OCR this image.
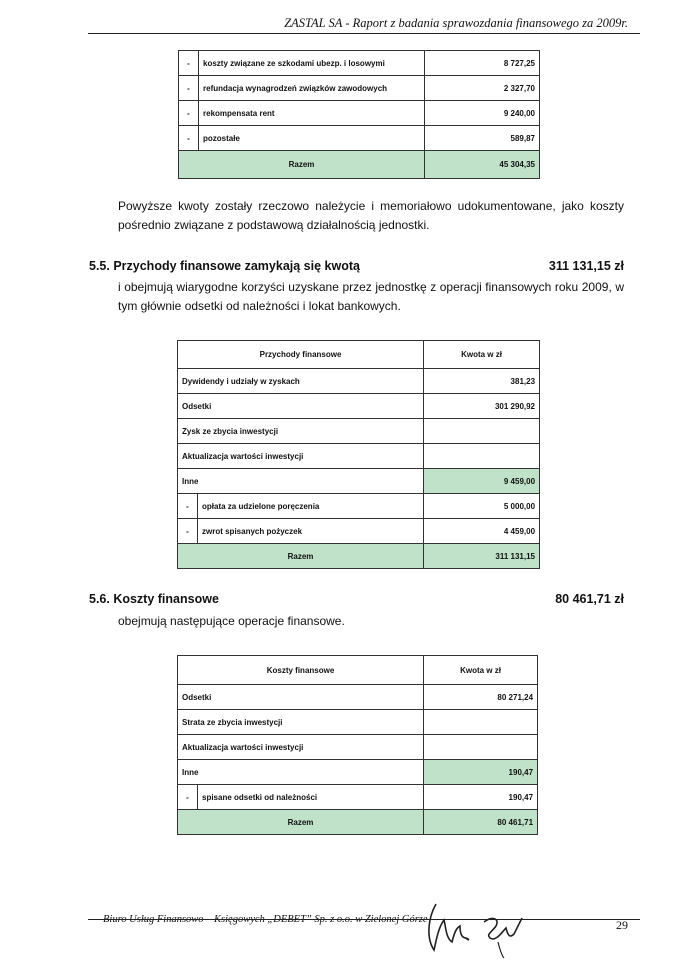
ZASTAL SA - Raport z badania sprawozdania finansowego za 2009r.
-	koszty związane ze szkodami ubezp. i losowymi	8 727,25
-	refundacja wynagrodzeń związków zawodowych	2 327,70
-	rekompensata rent	9 240,00
-	pozostałe	589,87
Razem		45 304,35
Powyższe kwoty zostały rzeczowo należycie i memoriałowo udokumentowane, jako koszty pośrednio związane z podstawową działalnością jednostki.
5.5. Przychody finansowe zamykają się kwotą	311 131,15 zł
i obejmują wiarygodne korzyści uzyskane przez jednostkę z operacji finansowych roku 2009, w tym głównie odsetki od należności i lokat bankowych.
Przychody finansowe		Kwota w zł
Dywidendy i udziały w zyskach		381,23
Odsetki		301 290,92
Zysk ze zbycia inwestycji		
Aktualizacja wartości inwestycji		
Inne		9 459,00
-	opłata za udzielone poręczenia	5 000,00
-	zwrot spisanych pożyczek	4 459,00
Razem		311 131,15
5.6. Koszty finansowe	80 461,71 zł
obejmują następujące operacje finansowe.
Koszty finansowe		Kwota w zł
Odsetki		80 271,24
Strata ze zbycia inwestycji		
Aktualizacja wartości inwestycji		
Inne		190,47
-	spisane odsetki od należności	190,47
Razem		80 461,71
Biuro Usług Finansowo – Księgowych „DEBET” Sp. z o.o. w Zielonej Górze	29
